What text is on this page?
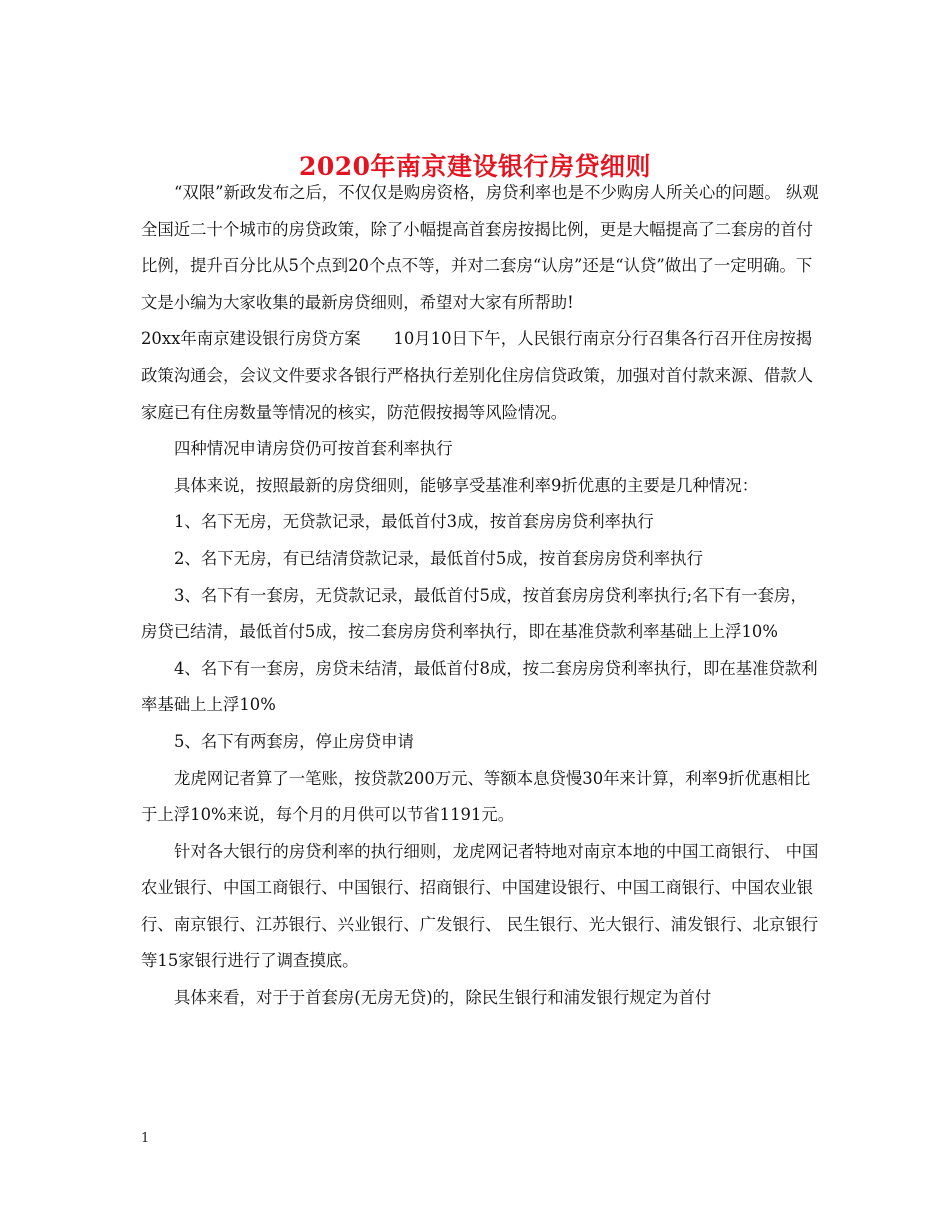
2020年南京建设银行房贷细则

“双限”新政发布之后，不仅仅是购房资格，房贷利率也是不少购房人所关心的问题。 纵观全国近二十个城市的房贷政策，除了小幅提高首套房按揭比例，更是大幅提高了二套房的首付比例，提升百分比从5个点到20个点不等，并对二套房“认房”还是“认贷”做出了一定明确。下文是小编为大家收集的最新房贷细则，希望对大家有所帮助!

20xx年南京建设银行房贷方案　　10月10日下午，人民银行南京分行召集各行召开住房按揭政策沟通会，会议文件要求各银行严格执行差别化住房信贷政策，加强对首付款来源、借款人家庭已有住房数量等情况的核实，防范假按揭等风险情况。

四种情况申请房贷仍可按首套利率执行

具体来说，按照最新的房贷细则，能够享受基准利率9折优惠的主要是几种情况：

1、名下无房，无贷款记录，最低首付3成，按首套房房贷利率执行

2、名下无房，有已结清贷款记录，最低首付5成，按首套房房贷利率执行

3、名下有一套房，无贷款记录，最低首付5成，按首套房房贷利率执行;名下有一套房，房贷已结清，最低首付5成，按二套房房贷利率执行，即在基准贷款利率基础上上浮10%

4、名下有一套房，房贷未结清，最低首付8成，按二套房房贷利率执行，即在基准贷款利率基础上上浮10%

5、名下有两套房，停止房贷申请

龙虎网记者算了一笔账，按贷款200万元、等额本息贷慢30年来计算，利率9折优惠相比于上浮10%来说，每个月的月供可以节省1191元。

针对各大银行的房贷利率的执行细则，龙虎网记者特地对南京本地的中国工商银行、 中国农业银行、中国工商银行、中国银行、招商银行、中国建设银行、中国工商银行、中国农业银行、南京银行、江苏银行、兴业银行、广发银行、 民生银行、光大银行、浦发银行、北京银行等15家银行进行了调查摸底。

具体来看，对于于首套房(无房无贷)的，除民生银行和浦发银行规定为首付

1
